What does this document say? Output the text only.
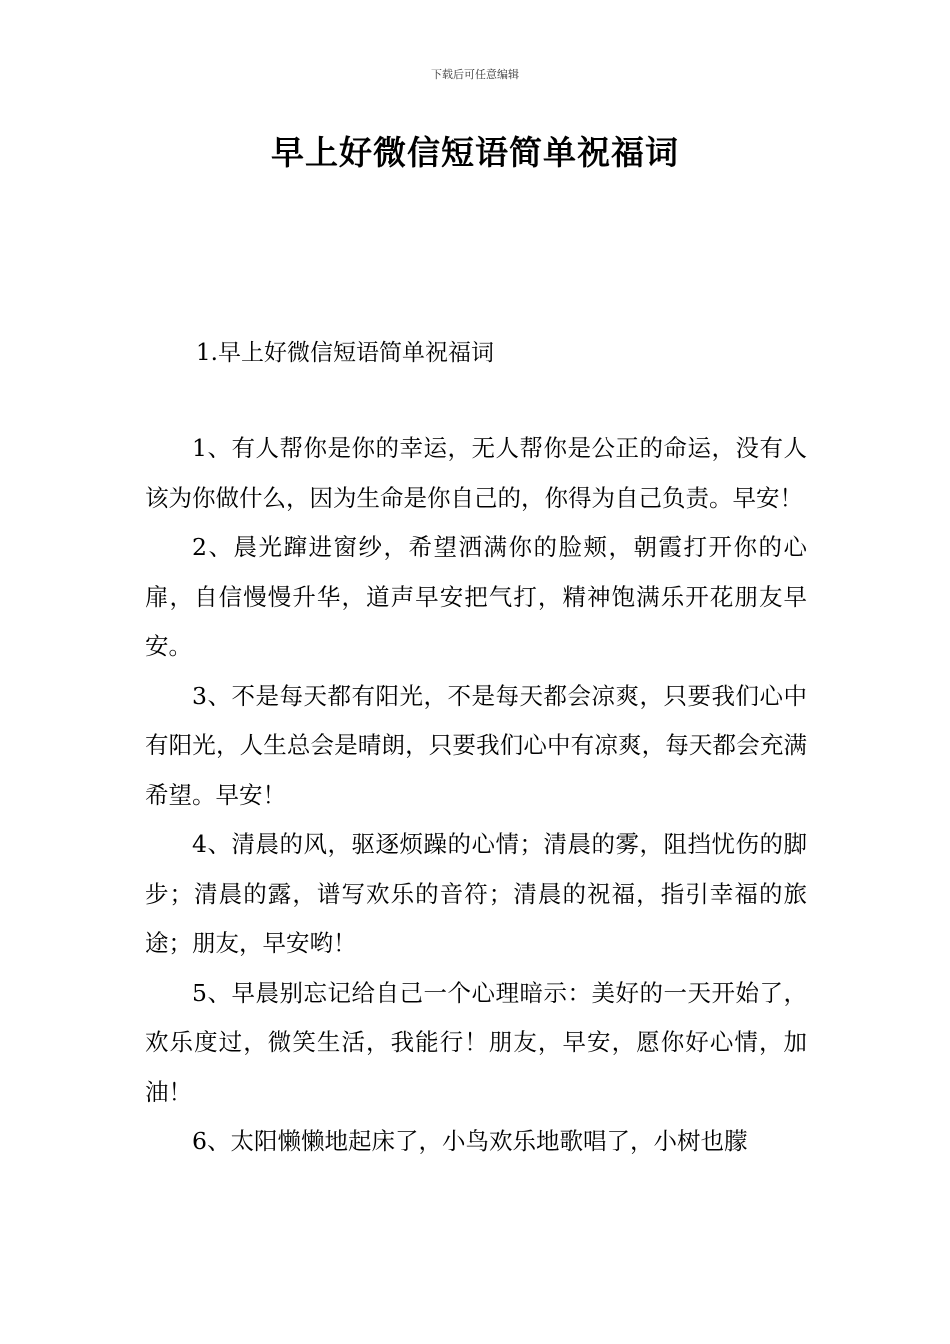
下载后可任意编辑
早上好微信短语简单祝福词
1.早上好微信短语简单祝福词

1、有人帮你是你的幸运，无人帮你是公正的命运，没有人该为你做什么，因为生命是你自己的，你得为自己负责。早安！

2、晨光蹿进窗纱，希望洒满你的脸颊，朝霞打开你的心扉，自信慢慢升华，道声早安把气打，精神饱满乐开花朋友早安。

3、不是每天都有阳光，不是每天都会凉爽，只要我们心中有阳光，人生总会是晴朗，只要我们心中有凉爽，每天都会充满希望。早安！

4、清晨的风，驱逐烦躁的心情；清晨的雾，阻挡忧伤的脚步；清晨的露，谱写欢乐的音符；清晨的祝福，指引幸福的旅途；朋友，早安哟！

5、早晨别忘记给自己一个心理暗示：美好的一天开始了，欢乐度过，微笑生活，我能行！朋友，早安，愿你好心情，加油！

6、太阳懒懒地起床了，小鸟欢乐地歌唱了，小树也朦
